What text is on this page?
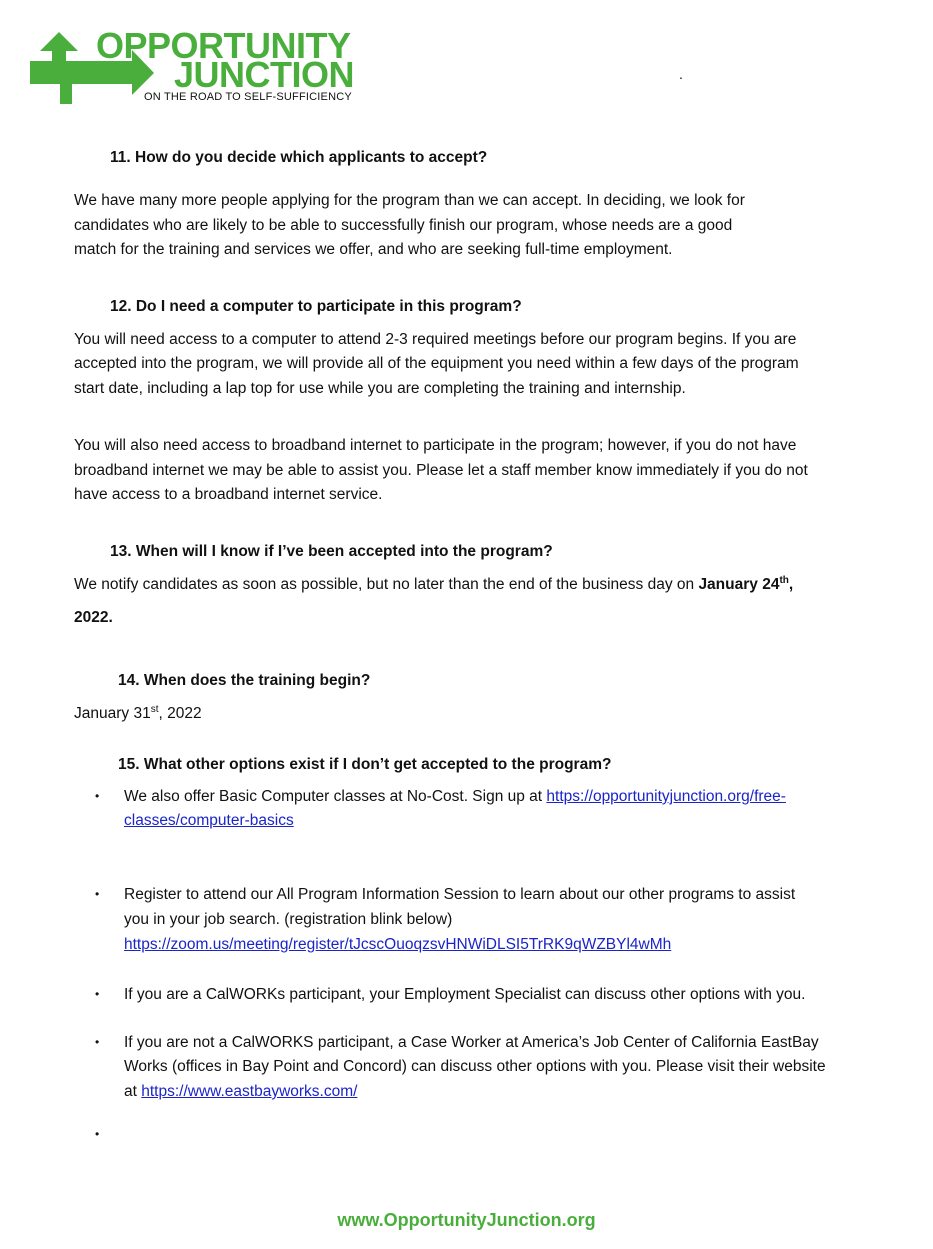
OPPORTUNITY
JUNCTION
ON THE ROAD TO SELF-SUFFICIENCY
.
11. How do you decide which applicants to accept?
We have many more people applying for the program than we can accept. In deciding, we look for
candidates who are likely to be able to successfully finish our program, whose needs are a good
match for the training and services we offer, and who are seeking full-time employment.
12. Do I need a computer to participate in this program?
You will need access to a computer to attend 2-3 required meetings before our program begins. If you are
accepted into the program, we will provide all of the equipment you need within a few days of the program
start date, including a lap top for use while you are completing the training and internship.
You will also need access to broadband internet to participate in the program; however, if you do not have
broadband internet we may be able to assist you. Please let a staff member know immediately if you do not
have access to a broadband internet service.
13. When will I know if I’ve been accepted into the program?
We notify candidates as soon as possible, but no later than the end of the business day on January 24th,
2022.
14. When does the training begin?
January 31st, 2022
15. What other options exist if I don’t get accepted to the program?
• We also offer Basic Computer classes at No-Cost. Sign up at https://opportunityjunction.org/free-
classes/computer-basics
• Register to attend our All Program Information Session to learn about our other programs to assist
you in your job search. (registration blink below)
https://zoom.us/meeting/register/tJcscOuoqzsvHNWiDLSI5TrRK9qWZBYl4wMh
• If you are a CalWORKs participant, your Employment Specialist can discuss other options with you.
• If you are not a CalWORKS participant, a Case Worker at America’s Job Center of California EastBay
Works (offices in Bay Point and Concord) can discuss other options with you. Please visit their website
at https://www.eastbayworks.com/
•
www.OpportunityJunction.org
